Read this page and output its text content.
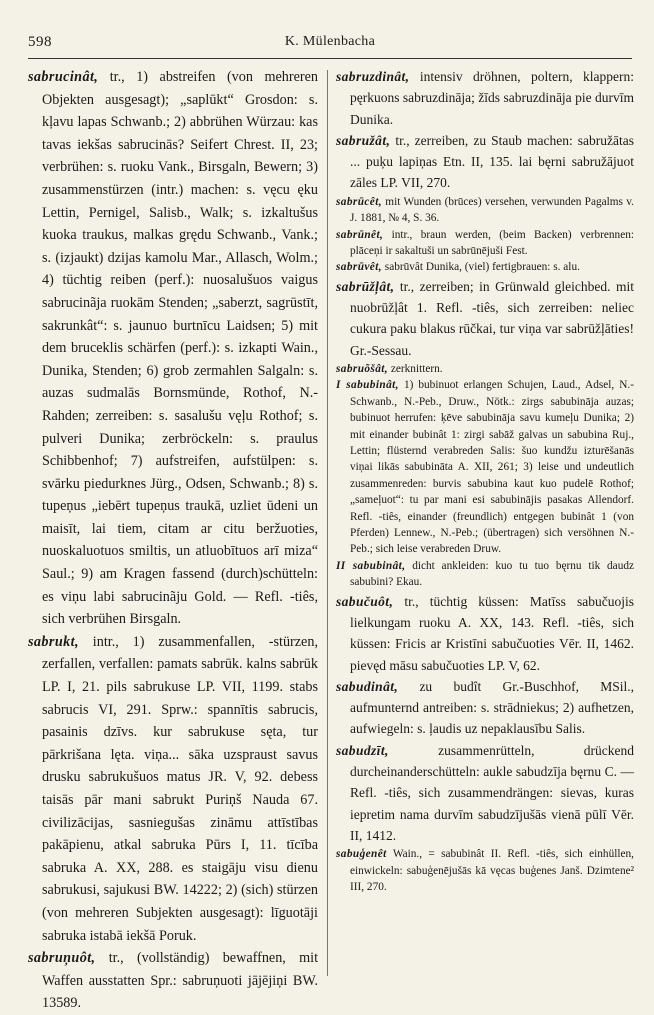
598	K. Mülenbacha

sabrucinât, tr., 1) abstreifen (von mehreren Objekten ausgesagt); „saplūkt“ Grosdon: s. kļavu lapas Schwanb.; 2) abbrühen Würzau: kas tavas iekšas sabrucinās? Seifert Chrest. II, 23; verbrühen: s. ruoku Vank., Birsgaln, Bewern; 3) zusammenstürzen (intr.) machen: s. vęcu ęku Lettin, Pernigel, Salisb., Walk; s. izkaltušus kuoka traukus, malkas grędu Schwanb., Vank.; s. (izjaukt) dzijas kamolu Mar., Allasch, Wolm.; 4) tüchtig reiben (perf.): nuosalušuos vaigus sabrucinãja ruokām Stenden; „saberzt, sagrūstīt, sakrunkât“: s. jaunuo burtnīcu Laidsen; 5) mit dem bruceklis schärfen (perf.): s. izkapti Wain., Dunika, Stenden; 6) grob zermahlen Salgaln: s. auzas sudmalās Bornsmünde, Rothof, N.-Rahden; zerreiben: s. sasalušu vęļu Rothof; s. pulveri Dunika; zerbröckeln: s. praulus Schibbenhof; 7) aufstreifen, aufstülpen: s. svārku piedurknes Jürg., Odsen, Schwanb.; 8) s. tupeņus „iebērt tupeņus traukā, uzliet ūdeni un maisīt, lai tiem, citam ar citu beržuoties, nuoskaluotuos smiltis, un atluobītuos arī miza“ Saul.; 9) am Kragen fassend (durch)schütteln: es viņu labi sabrucinãju Gold. — Refl. -tiês, sich verbrühen Birsgaln.

sabrukt, intr., 1) zusammenfallen, -stürzen, zerfallen, verfallen: pamats sabrūk. kalns sabrūk LP. I, 21. pils sabrukuse LP. VII, 1199. stabs sabrucis VI, 291. Sprw.: spannītis sabrucis, pasainis dzīvs. kur sabrukuse sęta, tur pārkrišana lęta. viņa... sāka uzspraust savus drusku sabrukušuos matus JR. V, 92. debess taisās pār mani sabrukt Puriņš Nauda 67. civilizācijas, sasniegušas zināmu attīstības pakāpienu, atkal sabruka Pūrs I, 11. tīcība sabruka A. XX, 288. es staigāju visu dienu sabrukusi, sajukusi BW. 14222; 2) (sich) stürzen (von mehreren Subjekten ausgesagt): līguotāji sabruka istabā iekšā Poruk.

sabruņuôt, tr., (vollständig) bewaffnen, mit Waffen ausstatten Spr.: sabruņuoti jājējiņi BW. 13589.

sabruzdinât, intensiv dröhnen, poltern, klappern: pęrkuons sabruzdināja; žīds sabruzdināja pie durvīm Dunika.

sabružât, tr., zerreiben, zu Staub machen: sabružātas ... puķu lapiņas Etn. II, 135. lai bęrni sabružājuot zāles LP. VII, 270.

sabrūcêt, mit Wunden (brūces) versehen, verwunden Pagalms v. J. 1881, № 4, S. 36.

sabrūnêt, intr., braun werden, (beim Backen) verbrennen: plāceņi ir sakaltuši un sabrūnējuši Fest.

sabrūvêt, sabrūvât Dunika, (viel) fertigbrauen: s. alu.

sabrūžļât, tr., zerreiben; in Grünwald gleichbed. mit nuobrūžļât 1. Refl. -tiês, sich zerreiben: neliec cukura paku blakus rūčkai, tur viņa var sabrūžļāties! Gr.-Sessau.

sabruõšât, zerknittern.

I sabubinât, 1) bubinuot erlangen Schujen, Laud., Adsel, N.-Schwanb., N.-Peb., Druw., Nötk.: zirgs sabubināja auzas; bubinuot herrufen: ķēve sabubināja savu kumeļu Dunika; 2) mit einander bubinât 1: zirgi sabāž galvas un sabubina Ruj., Lettin; flüsternd verabreden Salis: šuo kundžu izturēšanās viņai likās sabubināta A. XII, 261; 3) leise und undeutlich zusammenreden: burvis sabubina kaut kuo pudelē Rothof; „sameļuot“: tu par mani esi sabubinājis pasakas Allendorf. Refl. -tiês, einander (freundlich) entgegen bubinât 1 (von Pferden) Lennew., N.-Peb.; (übertragen) sich versöhnen N.-Peb.; sich leise verabreden Druw.

II sabubinât, dicht ankleiden: kuo tu tuo bęrnu tik daudz sabubini? Ekau.

sabučuôt, tr., tüchtig küssen: Matīss sabučuojis lielkungam ruoku A. XX, 143. Refl. -tiês, sich küssen: Fricis ar Kristīni sabučuoties Vēr. II, 1462. pievęd māsu sabučuoties LP. V, 62.

sabudinât, zu budît Gr.-Buschhof, MSil., aufmunternd antreiben: s. strādniekus; 2) aufhetzen, aufwiegeln: s. ļaudis uz nepaklausību Salis.

sabudzīt,	zusammenrütteln, drückend durcheinanderschütteln: aukle sabudzīja bęrnu C. — Refl. -tiês, sich zusammendrängen: sievas, kuras iepretim nama durvīm sabudzījušās vienā pūlī Vēr. II, 1412.

sabuģenêt Wain., = sabubinât II. Refl. -tiês, sich einhüllen, einwickeln: sabuģenējušās kā vęcas buģenes Janš. Dzimtene² III, 270.
